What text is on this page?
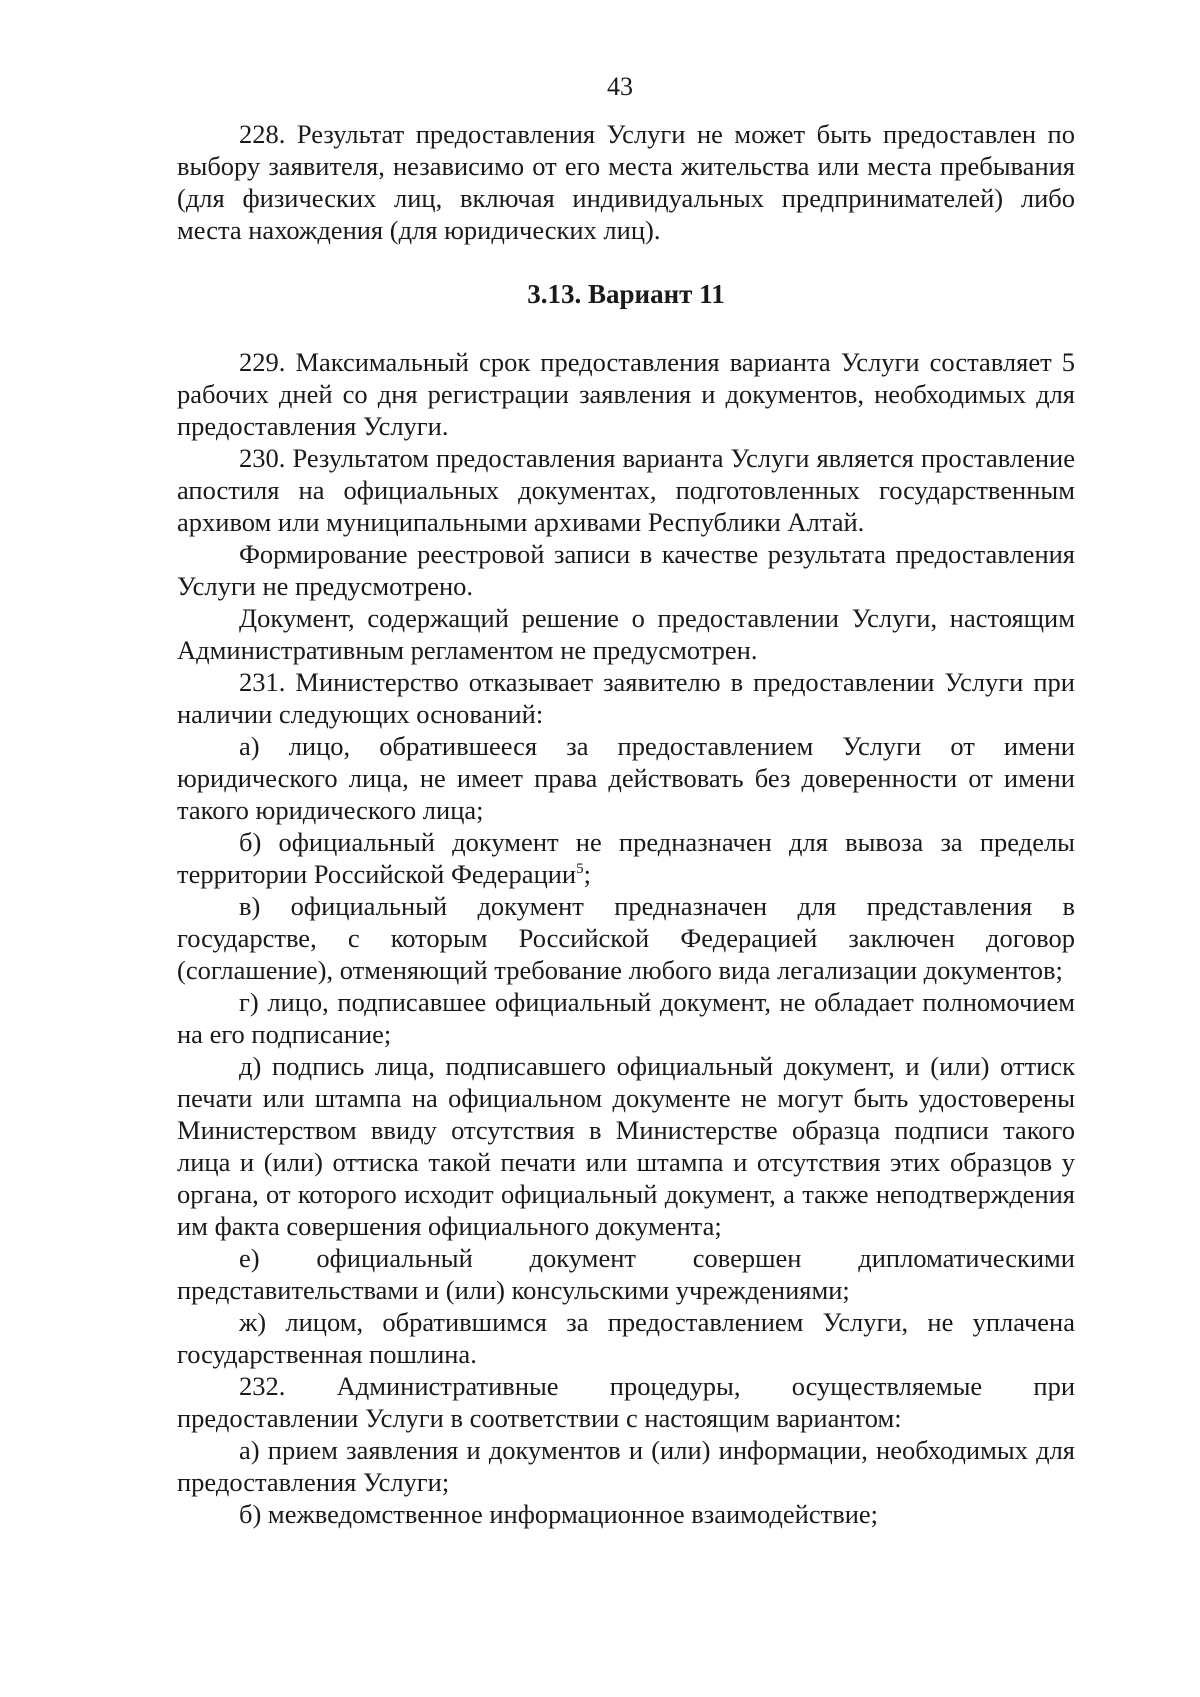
43

228. Результат предоставления Услуги не может быть предоставлен по выбору заявителя, независимо от его места жительства или места пребывания (для физических лиц, включая индивидуальных предпринимателей) либо места нахождения (для юридических лиц).

3.13. Вариант 11

229. Максимальный срок предоставления варианта Услуги составляет 5 рабочих дней со дня регистрации заявления и документов, необходимых для предоставления Услуги.

230. Результатом предоставления варианта Услуги является проставление апостиля на официальных документах, подготовленных государственным архивом или муниципальными архивами Республики Алтай.

Формирование реестровой записи в качестве результата предоставления Услуги не предусмотрено.

Документ, содержащий решение о предоставлении Услуги, настоящим Административным регламентом не предусмотрен.

231. Министерство отказывает заявителю в предоставлении Услуги при наличии следующих оснований:

а) лицо, обратившееся за предоставлением Услуги от имени юридического лица, не имеет права действовать без доверенности от имени такого юридического лица;

б) официальный документ не предназначен для вывоза за пределы территории Российской Федерации$^5$;

в) официальный документ предназначен для представления в государстве, с которым Российской Федерацией заключен договор (соглашение), отменяющий требование любого вида легализации документов;

г) лицо, подписавшее официальный документ, не обладает полномочием на его подписание;

д) подпись лица, подписавшего официальный документ, и (или) оттиск печати или штампа на официальном документе не могут быть удостоверены Министерством ввиду отсутствия в Министерстве образца подписи такого лица и (или) оттиска такой печати или штампа и отсутствия этих образцов у органа, от которого исходит официальный документ, а также неподтверждения им факта совершения официального документа;

е) официальный документ совершен дипломатическими представительствами и (или) консульскими учреждениями;

ж) лицом, обратившимся за предоставлением Услуги, не уплачена государственная пошлина.

232. Административные процедуры, осуществляемые при предоставлении Услуги в соответствии с настоящим вариантом:

а) прием заявления и документов и (или) информации, необходимых для предоставления Услуги;

б) межведомственное информационное взаимодействие;
